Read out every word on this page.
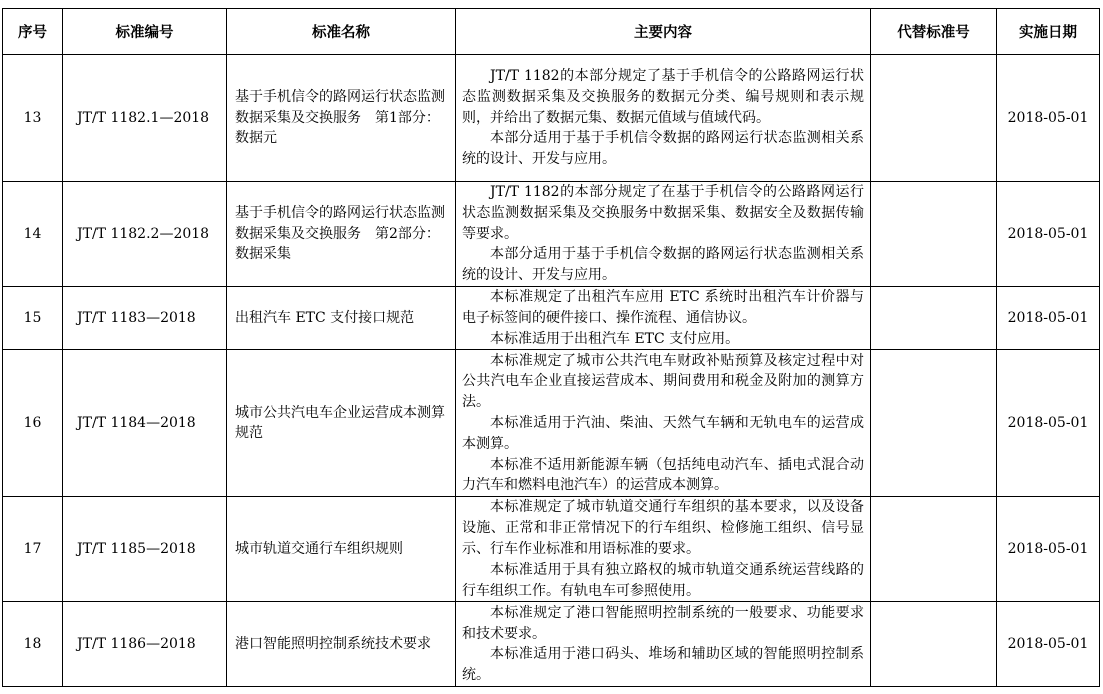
序号	标准编号	标准名称	主要内容	代替标准号	实施日期
13	JT/T 1182.1—2018	基于手机信令的路网运行状态监测数据采集及交换服务　第1部分：数据元	JT/T 1182的本部分规定了基于手机信令的公路路网运行状态监测数据采集及交换服务的数据元分类、编号规则和表示规则，并给出了数据元集、数据元值域与值域代码。

本部分适用于基于手机信令数据的路网运行状态监测相关系统的设计、开发与应用。		2018-05-01
14	JT/T 1182.2—2018	基于手机信令的路网运行状态监测数据采集及交换服务　第2部分：数据采集	JT/T 1182的本部分规定了在基于手机信令的公路路网运行状态监测数据采集及交换服务中数据采集、数据安全及数据传输等要求。

本部分适用于基于手机信令数据的路网运行状态监测相关系统的设计、开发与应用。		2018-05-01
15	JT/T 1183—2018	出租汽车 ETC 支付接口规范	本标准规定了出租汽车应用 ETC 系统时出租汽车计价器与电子标签间的硬件接口、操作流程、通信协议。

本标准适用于出租汽车 ETC 支付应用。		2018-05-01
16	JT/T 1184—2018	城市公共汽电车企业运营成本测算规范	本标准规定了城市公共汽电车财政补贴预算及核定过程中对公共汽电车企业直接运营成本、期间费用和税金及附加的测算方法。

本标准适用于汽油、柴油、天然气车辆和无轨电车的运营成本测算。

本标准不适用新能源车辆（包括纯电动汽车、插电式混合动力汽车和燃料电池汽车）的运营成本测算。		2018-05-01
17	JT/T 1185—2018	城市轨道交通行车组织规则	本标准规定了城市轨道交通行车组织的基本要求，以及设备设施、正常和非正常情况下的行车组织、检修施工组织、信号显示、行车作业标准和用语标准的要求。

本标准适用于具有独立路权的城市轨道交通系统运营线路的行车组织工作。有轨电车可参照使用。		2018-05-01
18	JT/T 1186—2018	港口智能照明控制系统技术要求	本标准规定了港口智能照明控制系统的一般要求、功能要求和技术要求。

本标准适用于港口码头、堆场和辅助区域的智能照明控制系统。		2018-05-01
